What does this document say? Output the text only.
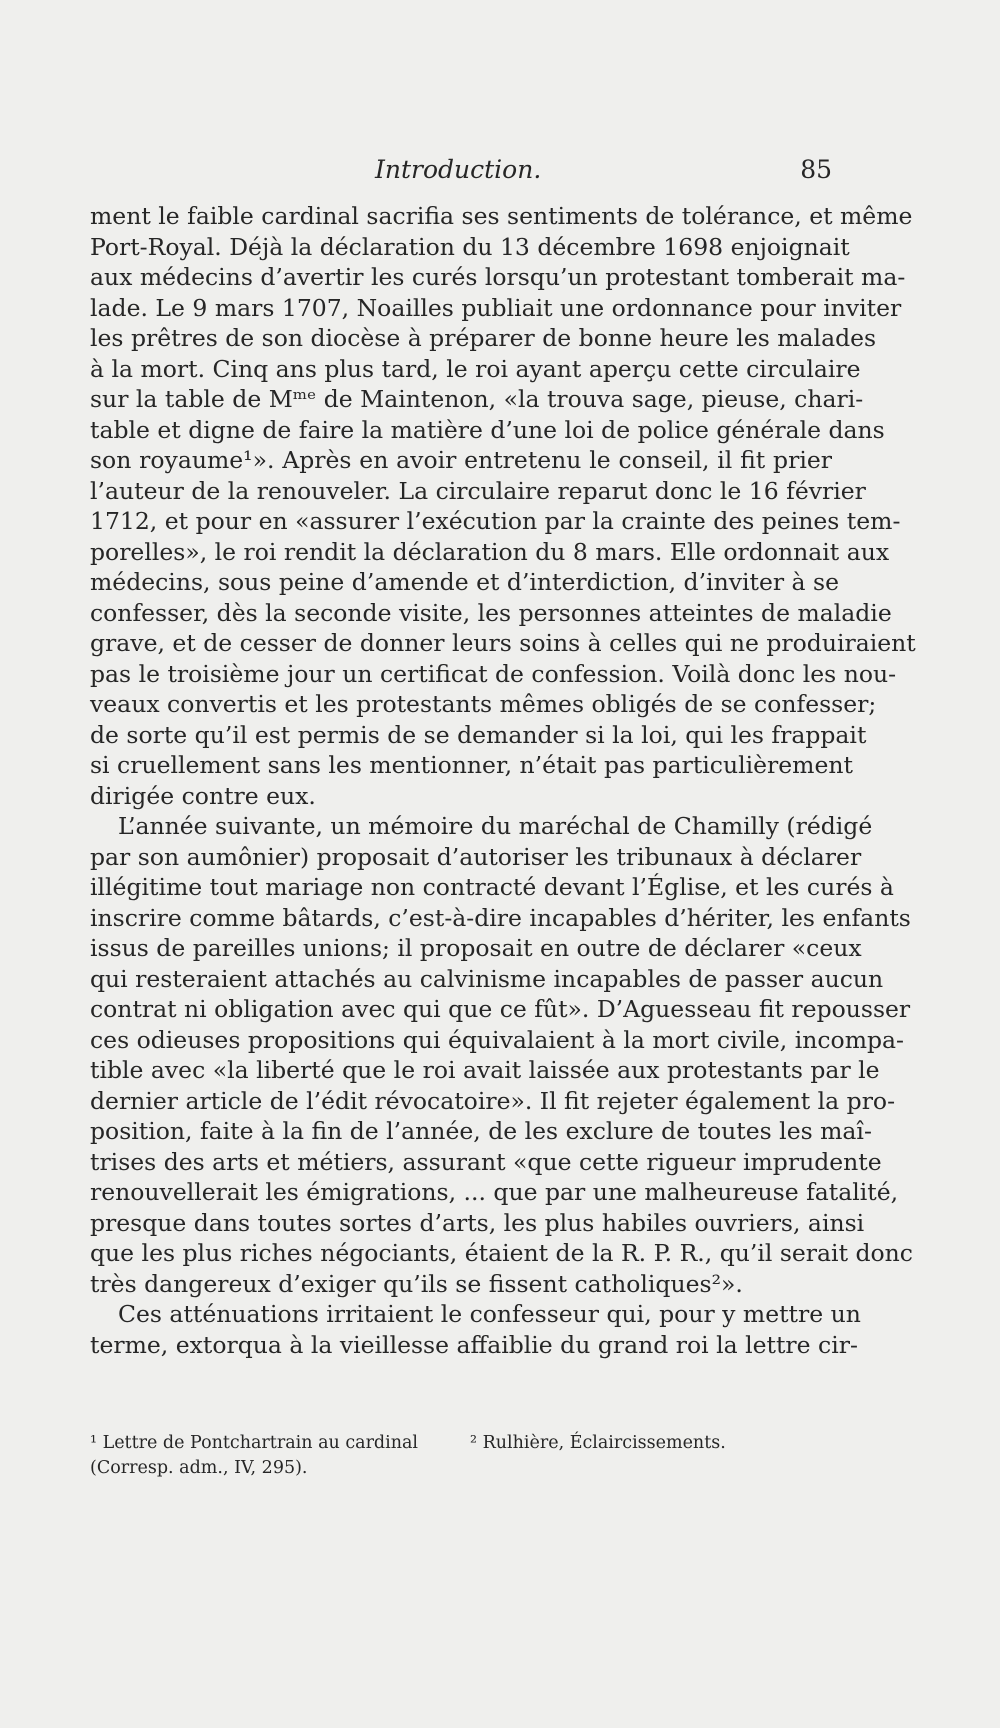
Introduction.	85
ment le faible cardinal sacrifia ses sentiments de tolérance, et même
Port-Royal. Déjà la déclaration du 13 décembre 1698 enjoignait
aux médecins d’avertir les curés lorsqu’un protestant tomberait ma-
lade. Le 9 mars 1707, Noailles publiait une ordonnance pour inviter
les prêtres de son diocèse à préparer de bonne heure les malades
à la mort. Cinq ans plus tard, le roi ayant aperçu cette circulaire
sur la table de Mᵐᵉ de Maintenon, «la trouva sage, pieuse, chari-
table et digne de faire la matière d’une loi de police générale dans
son royaume¹». Après en avoir entretenu le conseil, il fit prier
l’auteur de la renouveler. La circulaire reparut donc le 16 février
1712, et pour en «assurer l’exécution par la crainte des peines tem-
porelles», le roi rendit la déclaration du 8 mars. Elle ordonnait aux
médecins, sous peine d’amende et d’interdiction, d’inviter à se
confesser, dès la seconde visite, les personnes atteintes de maladie
grave, et de cesser de donner leurs soins à celles qui ne produiraient
pas le troisième jour un certificat de confession. Voilà donc les nou-
veaux convertis et les protestants mêmes obligés de se confesser;
de sorte qu’il est permis de se demander si la loi, qui les frappait
si cruellement sans les mentionner, n’était pas particulièrement
dirigée contre eux.
L’année suivante, un mémoire du maréchal de Chamilly (rédigé
par son aumônier) proposait d’autoriser les tribunaux à déclarer
illégitime tout mariage non contracté devant l’Église, et les curés à
inscrire comme bâtards, c’est-à-dire incapables d’hériter, les enfants
issus de pareilles unions; il proposait en outre de déclarer «ceux
qui resteraient attachés au calvinisme incapables de passer aucun
contrat ni obligation avec qui que ce fût». D’Aguesseau fit repousser
ces odieuses propositions qui équivalaient à la mort civile, incompa-
tible avec «la liberté que le roi avait laissée aux protestants par le
dernier article de l’édit révocatoire». Il fit rejeter également la pro-
position, faite à la fin de l’année, de les exclure de toutes les maî-
trises des arts et métiers, assurant «que cette rigueur imprudente
renouvellerait les émigrations, ... que par une malheureuse fatalité,
presque dans toutes sortes d’arts, les plus habiles ouvriers, ainsi
que les plus riches négociants, étaient de la R. P. R., qu’il serait donc
très dangereux d’exiger qu’ils se fissent catholiques²».
Ces atténuations irritaient le confesseur qui, pour y mettre un
terme, extorqua à la vieillesse affaiblie du grand roi la lettre cir-
¹ Lettre de Pontchartrain au cardinal
(Corresp. adm., IV, 295).
² Rulhière, Éclaircissements.
